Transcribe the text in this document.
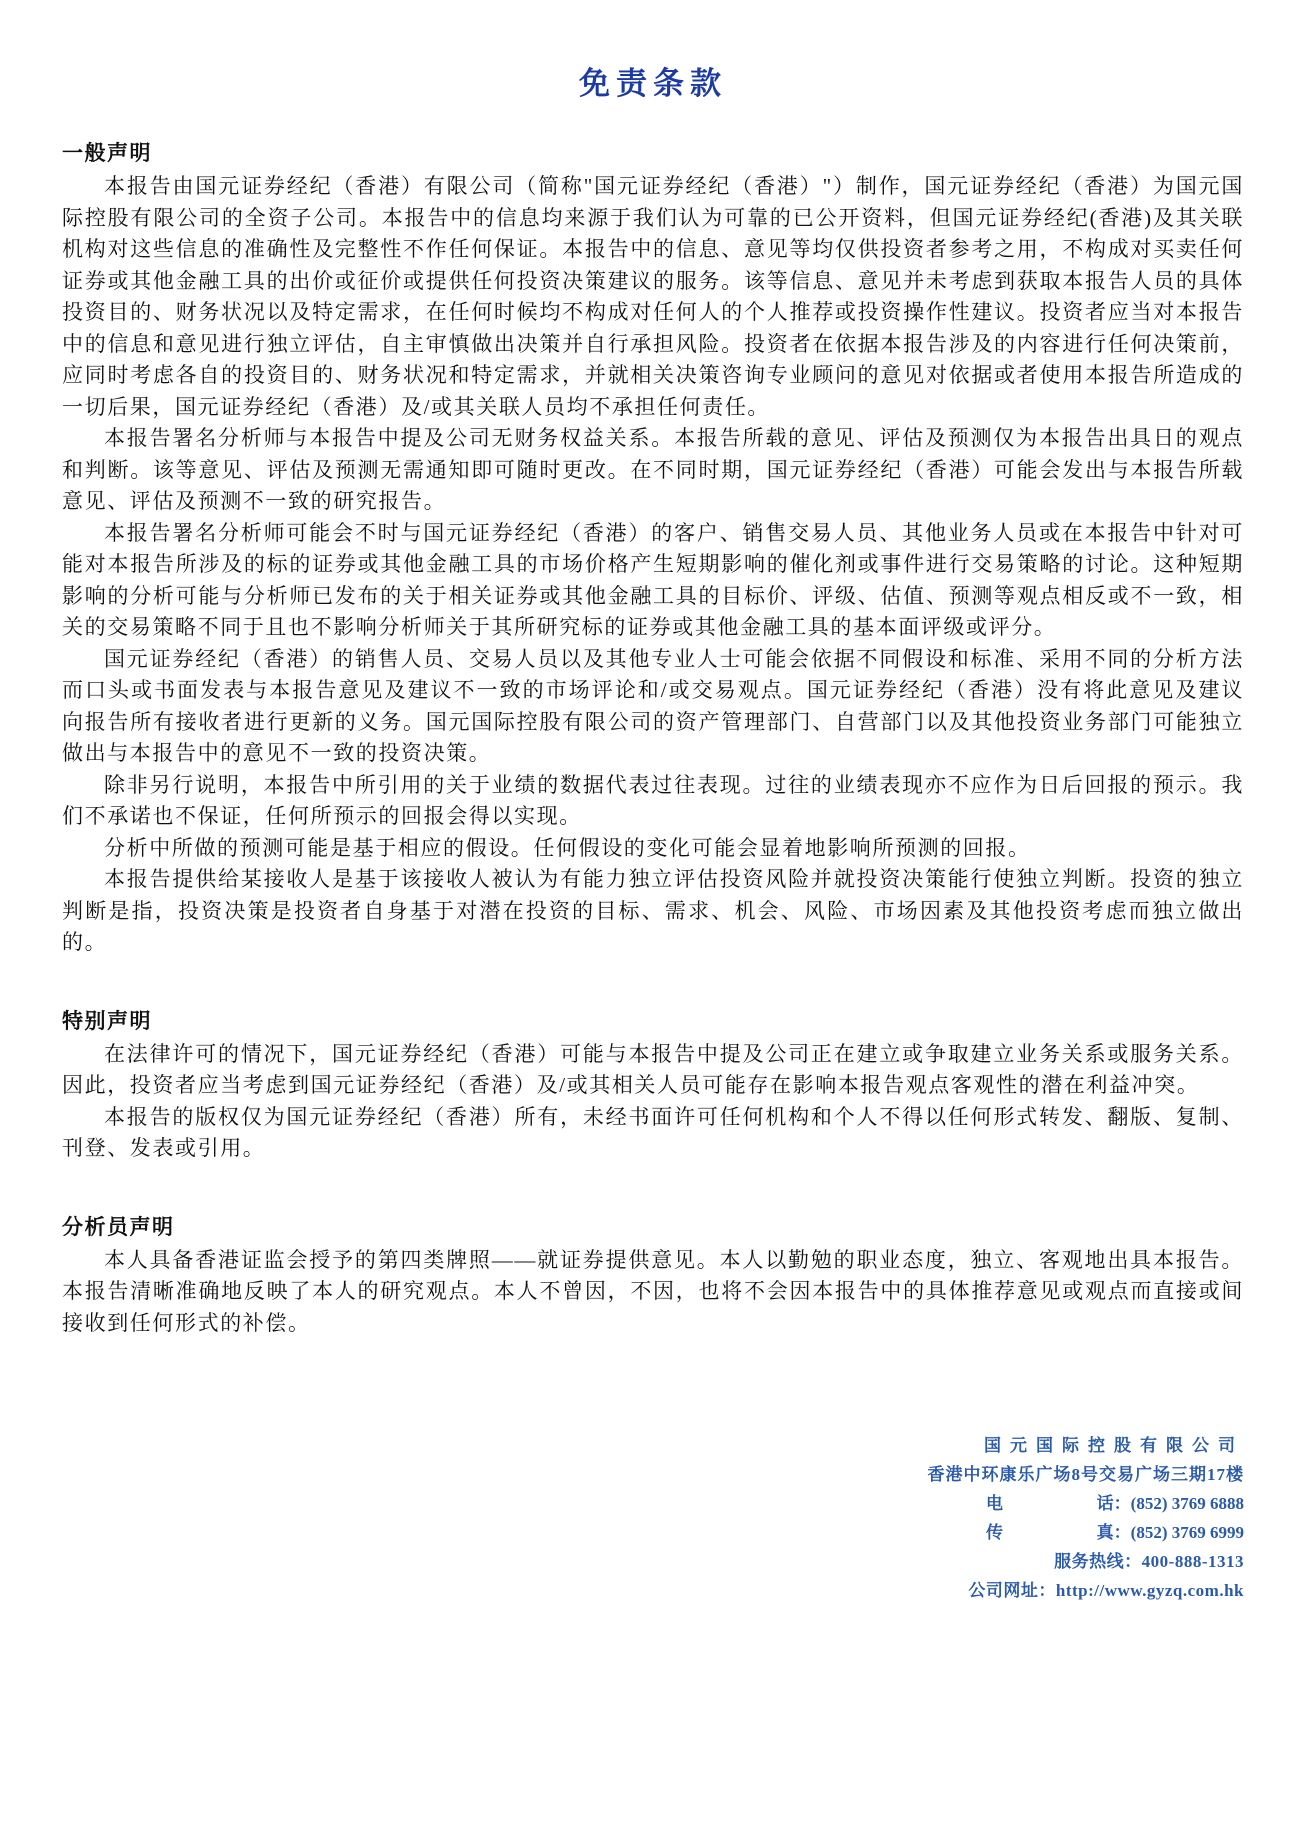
免责条款
一般声明

本报告由国元证券经纪（香港）有限公司（简称"国元证券经纪（香港）"）制作，国元证券经纪（香港）为国元国际控股有限公司的全资子公司。本报告中的信息均来源于我们认为可靠的已公开资料，但国元证券经纪(香港)及其关联机构对这些信息的准确性及完整性不作任何保证。本报告中的信息、意见等均仅供投资者参考之用，不构成对买卖任何证券或其他金融工具的出价或征价或提供任何投资决策建议的服务。该等信息、意见并未考虑到获取本报告人员的具体投资目的、财务状况以及特定需求，在任何时候均不构成对任何人的个人推荐或投资操作性建议。投资者应当对本报告中的信息和意见进行独立评估，自主审慎做出决策并自行承担风险。投资者在依据本报告涉及的内容进行任何决策前，应同时考虑各自的投资目的、财务状况和特定需求，并就相关决策咨询专业顾问的意见对依据或者使用本报告所造成的一切后果，国元证券经纪（香港）及/或其关联人员均不承担任何责任。

本报告署名分析师与本报告中提及公司无财务权益关系。本报告所载的意见、评估及预测仅为本报告出具日的观点和判断。该等意见、评估及预测无需通知即可随时更改。在不同时期，国元证券经纪（香港）可能会发出与本报告所载意见、评估及预测不一致的研究报告。

本报告署名分析师可能会不时与国元证券经纪（香港）的客户、销售交易人员、其他业务人员或在本报告中针对可能对本报告所涉及的标的证券或其他金融工具的市场价格产生短期影响的催化剂或事件进行交易策略的讨论。这种短期影响的分析可能与分析师已发布的关于相关证券或其他金融工具的目标价、评级、估值、预测等观点相反或不一致，相关的交易策略不同于且也不影响分析师关于其所研究标的证券或其他金融工具的基本面评级或评分。

国元证券经纪（香港）的销售人员、交易人员以及其他专业人士可能会依据不同假设和标准、采用不同的分析方法而口头或书面发表与本报告意见及建议不一致的市场评论和/或交易观点。国元证券经纪（香港）没有将此意见及建议向报告所有接收者进行更新的义务。国元国际控股有限公司的资产管理部门、自营部门以及其他投资业务部门可能独立做出与本报告中的意见不一致的投资决策。

除非另行说明，本报告中所引用的关于业绩的数据代表过往表现。过往的业绩表现亦不应作为日后回报的预示。我们不承诺也不保证，任何所预示的回报会得以实现。

分析中所做的预测可能是基于相应的假设。任何假设的变化可能会显着地影响所预测的回报。

本报告提供给某接收人是基于该接收人被认为有能力独立评估投资风险并就投资决策能行使独立判断。投资的独立判断是指，投资决策是投资者自身基于对潜在投资的目标、需求、机会、风险、市场因素及其他投资考虑而独立做出的。

特别声明

在法律许可的情况下，国元证券经纪（香港）可能与本报告中提及公司正在建立或争取建立业务关系或服务关系。因此，投资者应当考虑到国元证券经纪（香港）及/或其相关人员可能存在影响本报告观点客观性的潜在利益冲突。

本报告的版权仅为国元证券经纪（香港）所有，未经书面许可任何机构和个人不得以任何形式转发、翻版、复制、刊登、发表或引用。

分析员声明

本人具备香港证监会授予的第四类牌照——就证券提供意见。本人以勤勉的职业态度，独立、客观地出具本报告。本报告清晰准确地反映了本人的研究观点。本人不曾因，不因，也将不会因本报告中的具体推荐意见或观点而直接或间接收到任何形式的补偿。

国元国际控股有限公司
香港中环康乐广场8号交易广场三期17楼
电	话：(852) 3769 6888
传	真：(852) 3769 6999
服务热线：400-888-1313
公司网址：http://www.gyzq.com.hk
